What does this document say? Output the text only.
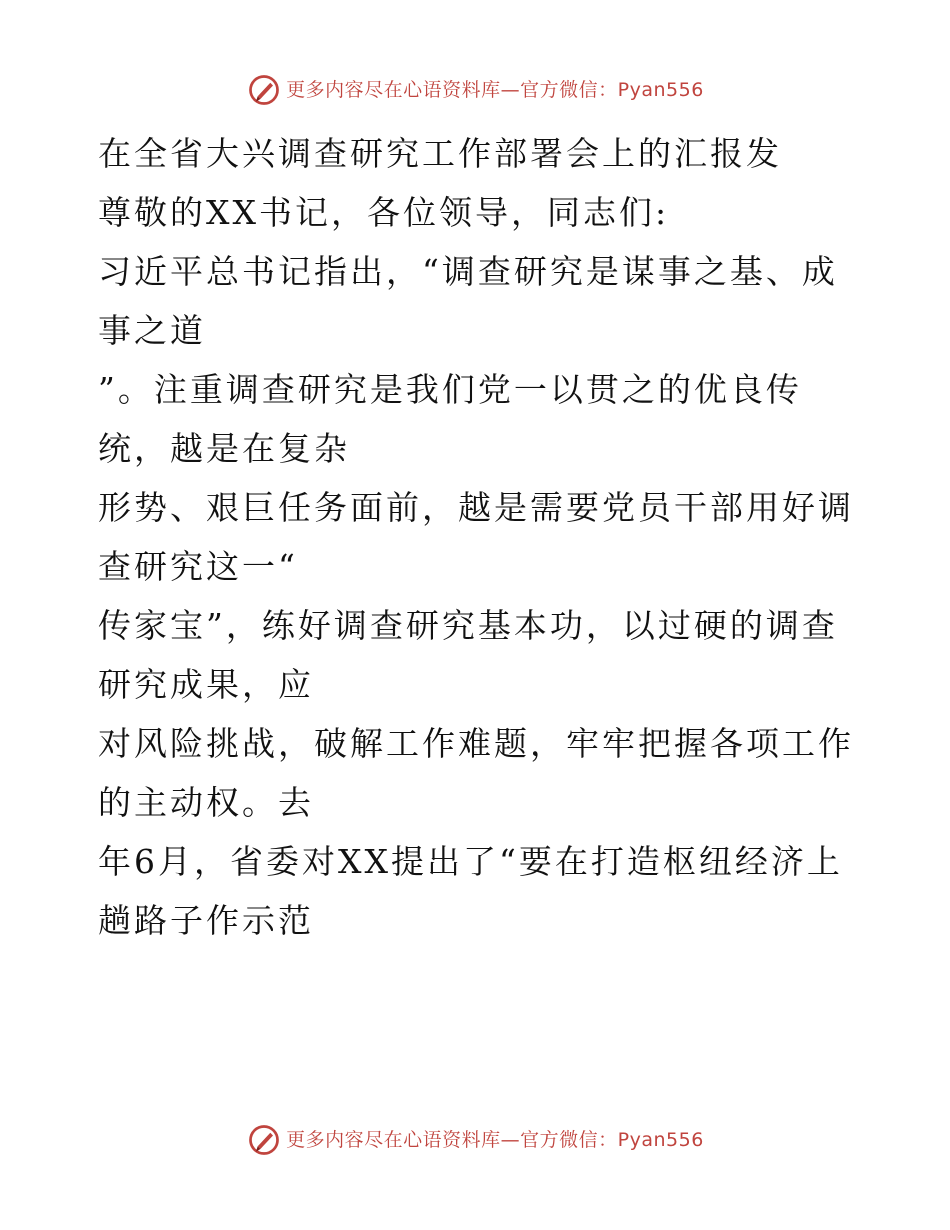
更多内容尽在心语资料库—官方微信：Pyan556

在全省大兴调查研究工作部署会上的汇报发

尊敬的XX书记，各位领导，同志们:

习近平总书记指出，“调查研究是谋事之基、成

事之道

”。注重调查研究是我们党一以贯之的优良传

统，越是在复杂

形势、艰巨任务面前，越是需要党员干部用好调

查研究这一“

传家宝”，练好调查研究基本功，以过硬的调查

研究成果，应

对风险挑战，破解工作难题，牢牢把握各项工作

的主动权。去

年6月，省委对XX提出了“要在打造枢纽经济上

趟路子作示范

更多内容尽在心语资料库—官方微信：Pyan556
